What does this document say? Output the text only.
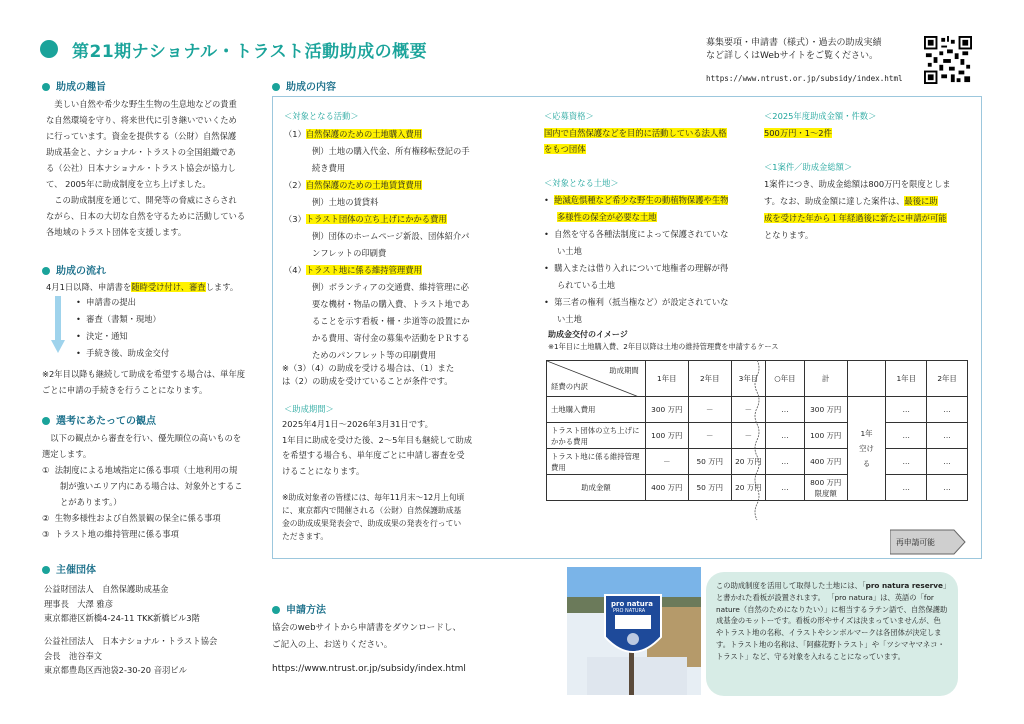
第21期ナショナル・トラスト活動助成の概要	募集要項・申請書（様式）・過去の助成実績
など詳しくはWebサイトをご覧ください。
https://www.ntrust.or.jp/subsidy/index.html
助成の趣旨
　美しい自然や希少な野生生物の生息地などの貴重
な自然環境を守り、将来世代に引き継いでいくため
に行っています。資金を提供する（公財）自然保護
助成基金と、ナショナル・トラストの全国組織であ
る（公社）日本ナショナル・トラスト協会が協力し
て、 2005年に助成制度を立ち上げました。
　この助成制度を通じて、開発等の脅威にさらされ
ながら、日本の大切な自然を守るために活動している
各地域のトラスト団体を支援します。
助成の流れ
4月1日以降、申請書を随時受け付け、審査します。
•  申請書の提出
•  審査（書類・現地）
•  決定・通知
•  手続き後、助成金交付
※2年目以降も継続して助成を希望する場合は、単年度
ごとに申請の手続きを行うことになります。
選考にあたっての観点
　以下の観点から審査を行い、優先順位の高いものを
選定します。
① 法制度による地域指定に係る事項（土地利用の規
制が強いエリア内にある場合は、対象外とするこ
とがあります。）
② 生物多様性および自然景観の保全に係る事項
③ トラスト地の維持管理に係る事項
主催団体
公益財団法人　自然保護助成基金
理事長　大澤 雅彦
東京都港区新橋4-24-11 TKK新橋ビル3階
公益社団法人　日本ナショナル・トラスト協会
会長　池谷奉文
東京都豊島区西池袋2-30-20 音羽ビル
助成の内容
＜対象となる活動＞
（1）自然保護のための土地購入費用
例）土地の購入代金、所有権移転登記の手
続き費用
（2）自然保護のための土地賃貸費用
例）土地の賃貸料
（3）トラスト団体の立ち上げにかかる費用
例）団体のホームページ新設、団体紹介パ
ンフレットの印刷費
（4）トラスト地に係る維持管理費用
例）ボランティアの交通費、維持管理に必
要な機材・物品の購入費、トラスト地であ
ることを示す看板・柵・歩道等の設置にか
かる費用、寄付金の募集や活動をＰＲする
ためのパンフレット等の印刷費用
※（3）（4）の助成を受ける場合は、（1）また
は（2）の助成を受けていることが条件です。
＜助成期間＞
2025年4月1日～2026年3月31日です。
1年目に助成を受けた後、2～5年目も継続して助成
を希望する場合も、単年度ごとに申請し審査を受
けることになります。
※助成対象者の皆様には、毎年11月末～12月上旬頃
に、東京都内で開催される（公財）自然保護助成基
金の助成成果発表会で、助成成果の発表を行ってい
ただきます。
＜応募資格＞
国内で自然保護などを目的に活動している法人格
をもつ団体
＜対象となる土地＞
•  絶滅危惧種など希少な野生の動植物保護や生物
多様性の保全が必要な土地
•  自然を守る各種法制度によって保護されていな
い土地
•  購入または借り入れについて地権者の理解が得
られている土地
•  第三者の権利（抵当権など）が設定されていな
い土地
＜2025年度助成金額・件数＞
500万円・1～2件
＜1案件／助成金総額＞
1案件につき、助成金総額は800万円を限度としま
す。なお、助成金額に達した案件は、最後に助
成を受けた年から１年経過後に新たに申請が可能
となります。
助成金交付のイメージ
※1年目に土地購入費、2年目以降は土地の維持管理費を申請するケース
助成期間
経費の内訳	1年目	2年目	3年目	○年目	計		1年目	2年目
土地購入費用	300 万円	－	－	…	300 万円	1年 空ける	…	…
トラスト団体の立ち上げにかかる費用	100 万円	－	－	…	100 万円		…	…
トラスト地に係る維持管理費用	－	50 万円	20 万円	…	400 万円		…	…
助成金額	400 万円	50 万円	20 万円	…	800 万円 限度額		…	…
再申請可能
申請方法
協会のwebサイトから申請書をダウンロードし、
ご記入の上、お送りください。
https://www.ntrust.or.jp/subsidy/index.html
pro natura
PRO NATURA
この助成制度を活用して取得した土地には、「pro natura reserve」と書かれた看板が設置されます。 「pro natura」は、英語の「for nature（自然のためになりたい）」に相当するラテン語で、自然保護助成基金のモットーです。看板の形やサイズは決まっていませんが、色やトラスト地の名称、イラストやシンボルマークは各団体が決定します。トラスト地の名称は、「阿蘇花野トラスト」や「ツシマヤマネコ・トラスト」など、守る対象を入れることになっています。
